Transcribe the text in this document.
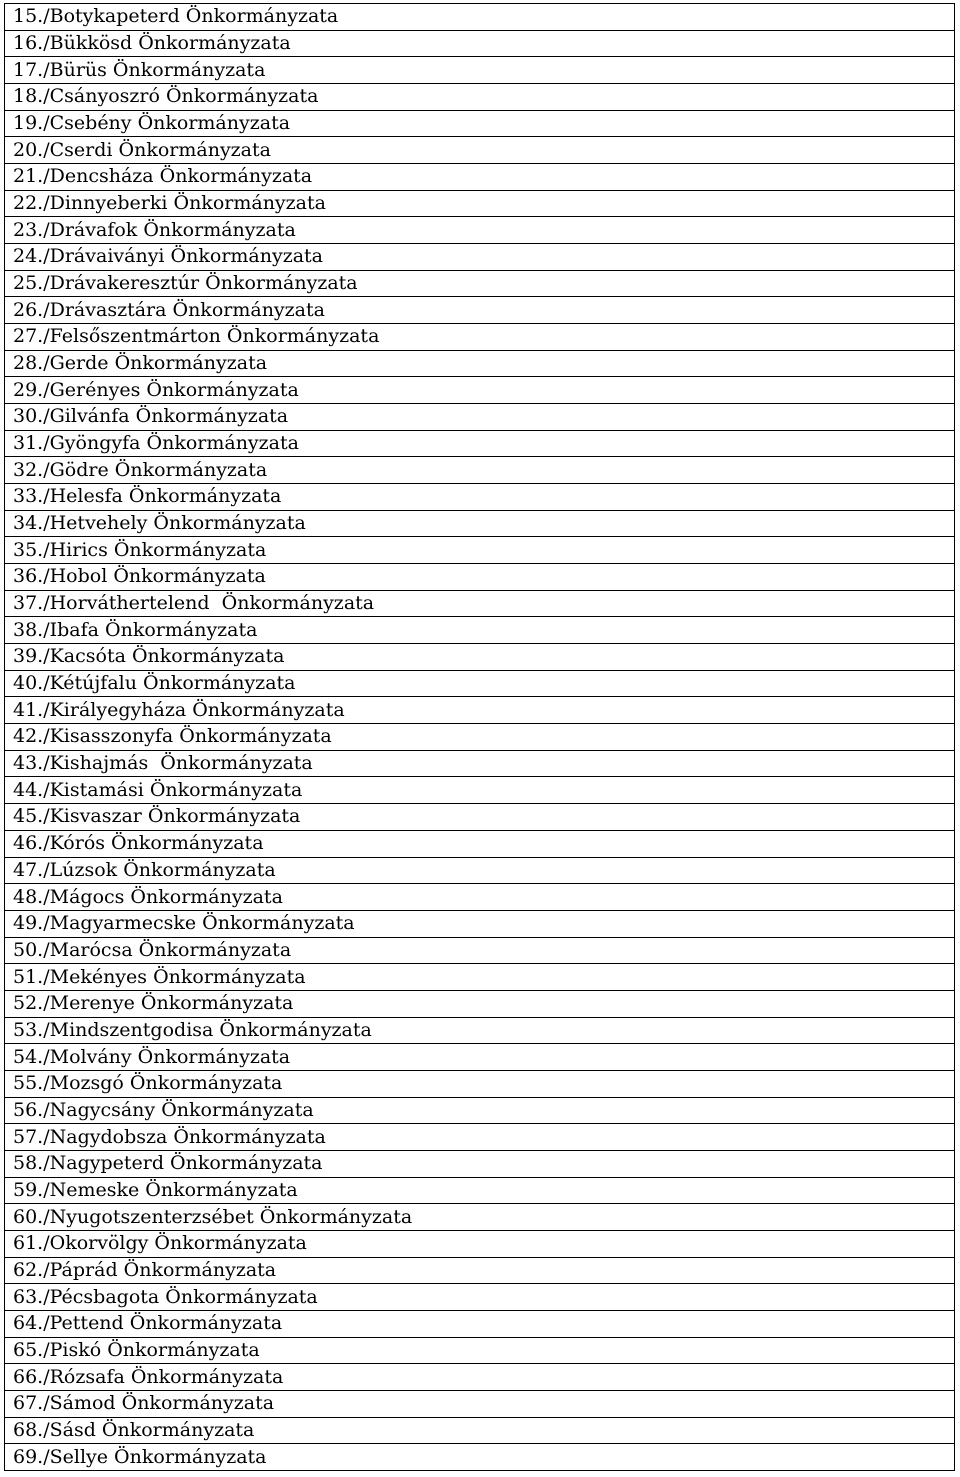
15./Botykapeterd Önkormányzata
16./Bükkösd Önkormányzata
17./Bürüs Önkormányzata
18./Csányoszró Önkormányzata
19./Csebény Önkormányzata
20./Cserdi Önkormányzata
21./Dencsháza Önkormányzata
22./Dinnyeberki Önkormányzata
23./Drávafok Önkormányzata
24./Drávaiványi Önkormányzata
25./Drávakeresztúr Önkormányzata
26./Drávasztára Önkormányzata
27./Felsőszentmárton Önkormányzata
28./Gerde Önkormányzata
29./Gerényes Önkormányzata
30./Gilvánfa Önkormányzata
31./Gyöngyfa Önkormányzata
32./Gödre Önkormányzata
33./Helesfa Önkormányzata
34./Hetvehely Önkormányzata
35./Hirics Önkormányzata
36./Hobol Önkormányzata
37./Horváthertelend  Önkormányzata
38./Ibafa Önkormányzata
39./Kacsóta Önkormányzata
40./Kétújfalu Önkormányzata
41./Királyegyháza Önkormányzata
42./Kisasszonyfa Önkormányzata
43./Kishajmás  Önkormányzata
44./Kistamási Önkormányzata
45./Kisvaszar Önkormányzata
46./Kórós Önkormányzata
47./Lúzsok Önkormányzata
48./Mágocs Önkormányzata
49./Magyarmecske Önkormányzata
50./Marócsa Önkormányzata
51./Mekényes Önkormányzata
52./Merenye Önkormányzata
53./Mindszentgodisa Önkormányzata
54./Molvány Önkormányzata
55./Mozsgó Önkormányzata
56./Nagycsány Önkormányzata
57./Nagydobsza Önkormányzata
58./Nagypeterd Önkormányzata
59./Nemeske Önkormányzata
60./Nyugotszenterzsébet Önkormányzata
61./Okorvölgy Önkormányzata
62./Páprád Önkormányzata
63./Pécsbagota Önkormányzata
64./Pettend Önkormányzata
65./Piskó Önkormányzata
66./Rózsafa Önkormányzata
67./Sámod Önkormányzata
68./Sásd Önkormányzata
69./Sellye Önkormányzata
